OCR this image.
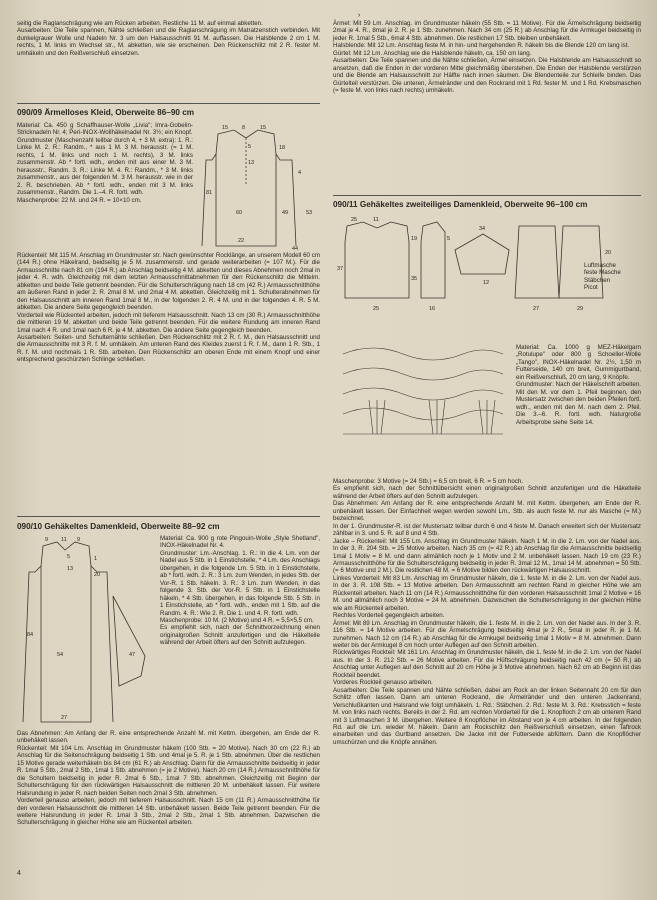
›

seitig die Raglanschrägung wie am Rücken arbeiten. Restliche 11 M. auf einmal abketten.

Ausarbeiten: Die Teile spannen, Nähte schließen und die Raglanschrägung im Matratzenstich verbinden. Mit dunkelgrauer Wolle und Nadeln Nr. 3 um den Halsausschnitt 91 M. auffassen. Die Halsblende 2 cm 1 M. rechts, 1 M. links im Wechsel str., M. abketten, wie sie erscheinen. Den Rückenschlitz mit 2 R. fester M. umhäkeln und den Reißverschluß einsetzen.

090/09 Ärmelloses Kleid, Oberweite 86–90 cm

Material: Ca. 450 g Schaffhauser-Wolle „Livia"; Imra-Gobelin-Stricknadeln Nr. 4; Peri-INOX-Wollhäkelnadel Nr. 3½; ein Knopf.

Grundmuster (Maschenzahl teilbar durch 4, + 3 M. extra): 1. R.: Linke M. 2. R.: Randm., * aus 1 M. 3 M. herausstr. (= 1 M. rechts, 1 M. links und noch 1 M. rechts), 3 M. links zusammenstr. Ab * fortl. wdh., enden mit aus einer M. 3 M. herausstr., Randm. 3. R.: Linke M. 4. R.: Randm., * 3 M. links zusammenstr., aus der folgenden M. 3 M. herausstr. wie in der 2. R. beschrieben. Ab * fortl. wdh., enden mit 3 M. links zusammenstr., Randm. Die 1.–4. R. fortl. wdh.

Maschenprobe: 22 M. und 24 R. = 10×10 cm.

15	8	15
18
5
13
81
60	49
4
53
22
44

Rückenteil: Mit 115 M. Anschlag im Grundmuster str. Nach gewünschter Rocklänge, an unserem Modell 60 cm (144 R.) ohne Häkelrand, beidseitig je 5 M. zusammenstr. und gerade weiterarbeiten (= 107 M.). Für die Armausschnitte nach 81 cm (194 R.) ab Anschlag beidseitig 4 M. abketten und dieses Abnehmen noch 2mal in jeder 4. R. wdh. Gleichzeitig mit dem letzten Armausschnittabnehmen für den Rückenschlitz die Mittelm. abketten und beide Teile getrennt beenden. Für die Schulterschrägung nach 18 cm (42 R.) Armausschnitthöhe am äußeren Rand in jeder 2. R. 2mal 8 M. und 2mal 4 M. abketten. Gleichzeitig mit 1. Schulterabnehmen für den Halsausschnitt am inneren Rand 1mal 8 M., in der folgenden 2. R. 4 M. und in der folgenden 4. R. 5 M. abketten. Die andere Seite gegengleich beenden.

Vorderteil wie Rückenteil arbeiten, jedoch mit tieferem Halsausschnitt. Nach 13 cm (30 R.) Armausschnitthöhe die mittleren 19 M. abketten und beide Teile getrennt beenden. Für die weitere Rundung am inneren Rand 1mal nach 4 R. und 1mal nach 6 R. je 4 M. abketten. Die andere Seite gegengleich beenden.

Ausarbeiten: Seiten- und Schulternähte schließen. Den Rückenschlitz mit 2 R. f. M., den Halsausschnitt und die Armausschnitte mit 3 R. f. M. umhäkeln. Am unteren Rand des Kleides zuerst 1 R. f. M., dann 1 R. Stb., 1 R. f. M. und nochmals 1 R. Stb. arbeiten. Den Rückenschlitz am oberen Ende mit einem Knopf und einer entsprechend geschürzten Schlinge schließen.

090/10 Gehäkeltes Damenkleid, Oberweite 88–92 cm

9 11 9
5
13
1
20
84
54	47
27

Material: Ca. 900 g rote Pingouin-Wolle „Style Shetland", INOX-Häkelnadel Nr. 4.

Grundmuster: Lm.-Anschlag. 1. R.: In die 4. Lm. von der Nadel aus 5 Stb. in 1 Einstichstelle, * 4 Lm. des Anschlags übergehen, in die folgende Lm. 5 Stb. in 1 Einstichstelle, ab * fortl. wdh. 2. R.: 3 Lm. zum Wenden, in jedes Stb. der Vor-R. 1 Stb. häkeln. 3. R.: 3 Lm. zum Wenden, in das folgende 3. Stb. der Vor-R. 5 Stb. in 1 Einstichstelle häkeln, * 4 Stb. übergehen, in das folgende Stb. 5 Stb. in 1 Einstichstelle, ab * fortl. wdh., enden mit 1 Stb. auf die Randm. 4. R.: Wie 2. R. Die 1. und 4. R. fortl. wdh.

Maschenprobe: 10 M. (2 Motive) und 4 R. = 5,5×5,5 cm.

Es empfiehlt sich, nach der Schnittvorzeichnung einen originalgroßen Schnitt anzufertigen und die Häkelteile während der Arbeit öfters auf den Schnitt aufzulegen.

Das Abnehmen: Am Anfang der R. eine entsprechende Anzahl M. mit Kettm. übergehen, am Ende der R. unbehäkelt lassen.

Rückenteil: Mit 104 Lm. Anschlag im Grundmuster häkeln (100 Stb. = 20 Motive). Nach 30 cm (22 R.) ab Anschlag für die Seitenschrägung beidseitig 1 Stb. und 4mal je 5. R. je 1 Stb. abnehmen. Über die restlichen 15 Motive gerade weiterhäkeln bis 84 cm (61 R.) ab Anschlag. Dann für die Armausschnitte beidseitig in jeder R. 1mal 5 Stb., 2mal 2 Stb., 1mal 1 Stb. abnehmen (= je 2 Motive). Nach 20 cm (14 R.) Armausschnitthöhe für die Schultern beidseitig in jeder R. 2mal 6 Stb., 1mal 7 Stb. abnehmen. Gleichzeitig mit Beginn der Schulterschrägung für den rückwärtigen Halsausschnitt die mittleren 20 M. unbehäkelt lassen. Für weitere Halsrundung in jeder R. nach beiden Seiten noch 2mal 3 Stb. abnehmen.

Vorderteil genauso arbeiten, jedoch mit tieferem Halsausschnitt. Nach 15 cm (11 R.) Armausschnitthöhe für den vorderen Halsausschnitt die mittleren 14 Stb. unbehäkelt lassen. Beide Teile getrennt beenden. Für die weitere Halsrundung in jeder R. 1mal 3 Stb., 2mal 2 Stb., 2mal 1 Stb. abnehmen. Dazwischen die Schulterschrägung in gleicher Höhe wie am Rückenteil arbeiten.

4

Ärmel: Mit 59 Lm. Anschlag. im Grundmuster häkeln (55 Stb. = 11 Motive). Für die Ärmelschrägung beidseitig 2mal je 4. R., 8mal je 2. R. je 1 Stb. zunehmen. Nach 34 cm (25 R.) ab Anschlag für die Armkugel beidseitig in jeder R. 1mal 5 Stb., 6mal 4 Stb. abnehmen. Die restlichen 17 Stb. bleiben unbehäkelt.

Halsblende: Mit 12 Lm. Anschlag feste M. in hin- und hergehenden R. häkeln bis die Blende 120 cm lang ist.

Gürtel: Mit 12 Lm. Anschlag wie die Halsblende häkeln, ca. 150 cm lang.

Ausarbeiten: Die Teile spannen und die Nähte schließen, Ärmel einsetzen. Die Halsblende am Halsausschnitt so ansetzen, daß die Enden in der vorderen Mitte gleichmäßig überstehen. Die Enden der Halsblende verstürzen und die Blende am Halsausschnitt zur Hälfte nach innen säumen. Die Blendenteile zur Schleife binden. Das Gürtelteil verstürzen. Die unteren, Ärmelränder und den Rockrand mit 1 Rd. fester M. und 1 Rd. Krebsmaschen (= feste M. von links nach rechts) umhäkeln.

090/11 Gehäkeltes zweiteiliges Damenkleid, Oberweite 96–100 cm

25	11
37
19	5
35
16
25	27
20
29
12
34

Luftmasche

feste Masche

Stäbchen

Picot

Material: Ca. 1000 g MEZ-Häkelgarn „Rotulupe" oder 800 g Schoeller-Wolle „Tango", INOX-Häkelnadel Nr. 2½, 1,50 m Futterseide, 140 cm breit, Gummigurtband, ein Reißverschluß, 20 cm lang, 9 Knöpfe.

Grundmuster: Nach der Häkelschrift arbeiten. Mit den M. vor dem 1. Pfeil beginnen, den Mustersatz zwischen den beiden Pfeilen fortl. wdh., enden mit den M. nach dem 2. Pfeil. Die 3.–6. R. fortl. wdh. Naturgroße Arbeitsprobe siehe Seite 14.

Maschenprobe: 3 Motive (= 24 Stb.) = 6,5 cm breit, 6 R. = 5 cm hoch.

Es empfiehlt sich, nach der Schnittübersicht einen originalgroßen Schnitt anzufertigen und die Häkelteile während der Arbeit öfters auf den Schnitt aufzulegen.

Das Abnehmen: Am Anfang der R. eine entsprechende Anzahl M. mit Kettm. übergehen, am Ende der R. unbehäkelt lassen. Der Einfachheit wegen werden sowohl Lm., Stb. als auch feste M. nur als Masche (= M.) bezeichnet.

In der 1. Grundmuster-R. ist der Mustersatz teilbar durch 6 und 4 feste M. Danach erweitert sich der Mustersatz zählbar in 3. und 5. R. auf 8 und 4 Stb.

Jacke – Rückenteil: Mit 155 Lm. Anschlag im Grundmuster häkeln. Nach 1 M. in die 2. Lm. von der Nadel aus. In der 3. R. 204 Stb. = 25 Motive arbeiten. Nach 35 cm (= 42 R.) ab Anschlag für die Armausschnitte beidseitig 1mal 1 Motiv = 8 M. und dann allmählich noch je 1 Motiv und 2 M. unbehäkelt lassen. Nach 19 cm (23 R.) Armausschnitthöhe für die Schulterschrägung beidseitig in jeder R. 3mal 12 M., 1mal 14 M. abnehmen = 50 Stb. (= 6 Motive und 2 M.). Die restlichen 48 M. = 6 Motive bilden den rückwärtigen Halsausschnitt.

Linkes Vorderteil: Mit 83 Lm. Anschlag im Grundmuster häkeln, die 1. feste M. in die 2. Lm. von der Nadel aus. In der 3. R. 108 Stb. = 13 Motive arbeiten. Den Armausschnitt am rechten Rand in gleicher Höhe wie am Rückenteil arbeiten. Nach 11 cm (14 R.) Armausschnitthöhe für den vorderen Halsausschnitt 1mal 2 Motive = 16 M. und allmählich noch 3 Motive = 24 M. abnehmen. Dazwischen die Schulterschrägung in der gleichen Höhe wie am Rückenteil arbeiten.

Rechtes Vorderteil gegengleich arbeiten.

Ärmel: Mit 89 Lm. Anschlag im Grundmuster häkeln, die 1. feste M. in die 2. Lm. von der Nadel aus. In der 3. R. 116 Stb. = 14 Motive arbeiten. Für die Ärmelschrägung beidseitig 4mal je 2 R., 5mal in jeder R. je 1 M. zunehmen. Nach 12 cm (14 R.) ab Anschlag für die Armkugel beidseitig 1mal 1 Motiv = 8 M. abnehmen. Dann weiter bis der Armkugel 8 cm hoch unter Auflegen auf den Schnitt arbeiten.

Rückwärtiges Rockteil: Mit 161 Lm. Anschlag im Grundmuster häkeln, die 1. feste M. in die 2. Lm. von der Nadel aus. In der 3. R. 212 Stb. = 26 Motive arbeiten. Für die Hüftschrägung beidseitig nach 42 cm (= 50 R.) ab Anschlag unter Auflegen auf den Schnitt auf 20 cm Höhe je 3 Motive abnehmen. Nach 62 cm ab Beginn ist das Rockteil beendet.

Vorderes Rockteil genauso arbeiten.

Ausarbeiten: Die Teile spannen und Nähte schließen, dabei am Rock an der linken Seitennaht 20 cm für den Schlitz offen lassen. Dann am unteren Rockrand, die Ärmelränder und den unteren Jackenrand, Verschlußkanten und Halsrand wie folgt umhäkeln. 1. Rd.: Stäbchen. 2. Rd.: feste M. 3. Rd.: Krebsstich = feste M. von links nach rechts. Bereits in der 2. Rd. am rechten Vorderteil für die 1. Knopfloch 2 cm ab unterem Rand mit 3 Luftmaschen 3 M. übergehen. Weitere 8 Knopflöcher im Abstand von je 4 cm arbeiten. In der folgenden Rd. auf die Lm. wieder M. häkeln. Dann am Rockschlitz den Reißverschluß einsetzen, einen Taftrock einarbeiten und das Gurtband ansetzen. Die Jacke mit der Futterseide abfüttern. Dann die Knopflöcher umschürzen und die Knöpfe annähen.
